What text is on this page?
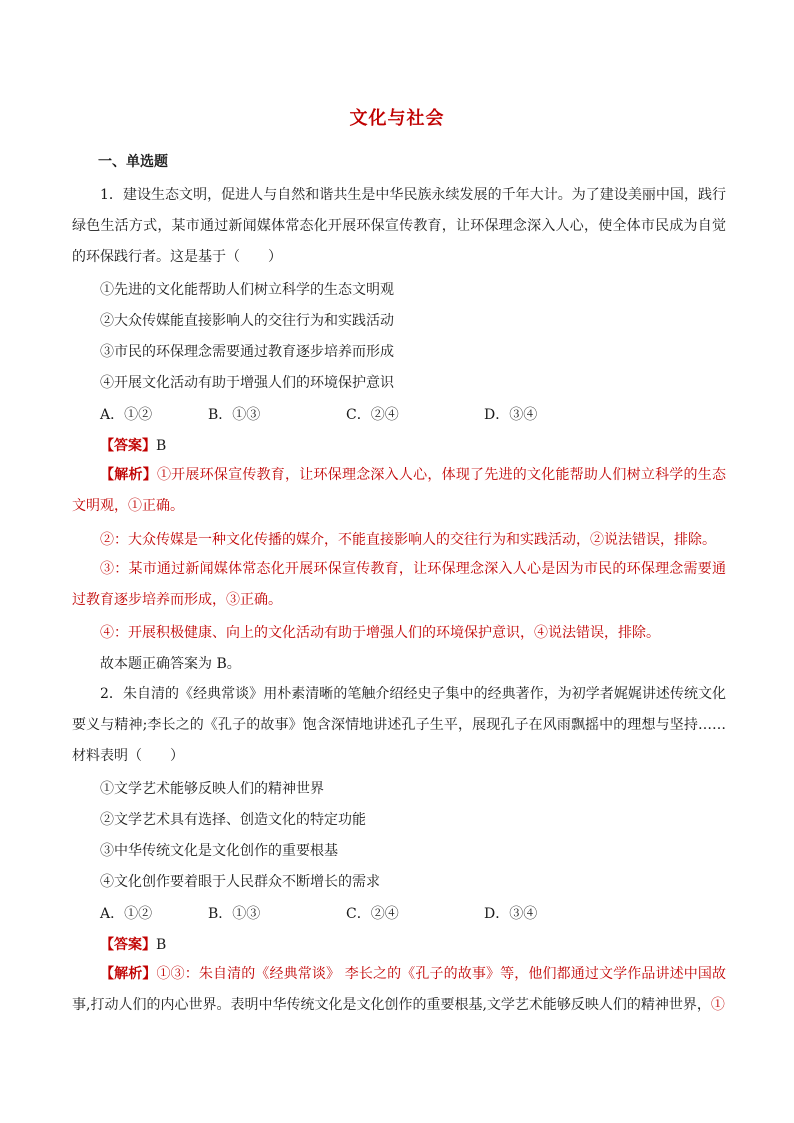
文化与社会
一、单选题

1．建设生态文明，促进人与自然和谐共生是中华民族永续发展的千年大计。为了建设美丽中国，践行绿色生活方式，某市通过新闻媒体常态化开展环保宣传教育，让环保理念深入人心，使全体市民成为自觉的环保践行者。这是基于（　　）

①先进的文化能帮助人们树立科学的生态文明观
②大众传媒能直接影响人的交往行为和实践活动
③市民的环保理念需要通过教育逐步培养而形成
④开展文化活动有助于增强人们的环境保护意识
A．①②	B．①③	C．②④	D．③④
【答案】B

【解析】①开展环保宣传教育，让环保理念深入人心，体现了先进的文化能帮助人们树立科学的生态文明观，①正确。

②：大众传媒是一种文化传播的媒介，不能直接影响人的交往行为和实践活动，②说法错误，排除。

③：某市通过新闻媒体常态化开展环保宣传教育，让环保理念深入人心是因为市民的环保理念需要通过教育逐步培养而形成，③正确。

④：开展积极健康、向上的文化活动有助于增强人们的环境保护意识，④说法错误，排除。
故本题正确答案为 B。

2．朱自清的《经典常谈》用朴素清晰的笔触介绍经史子集中的经典著作，为初学者娓娓讲述传统文化要义与精神;李长之的《孔子的故事》饱含深情地讲述孔子生平，展现孔子在风雨飘摇中的理想与坚持……材料表明（　　）

①文学艺术能够反映人们的精神世界
②文学艺术具有选择、创造文化的特定功能
③中华传统文化是文化创作的重要根基
④文化创作要着眼于人民群众不断增长的需求
A．①②	B．①③	C．②④	D．③④
【答案】B

【解析】①③：朱自清的《经典常谈》 李长之的《孔子的故事》等，他们都通过文学作品讲述中国故事,打动人们的内心世界。表明中华传统文化是文化创作的重要根基,文学艺术能够反映人们的精神世界，①
